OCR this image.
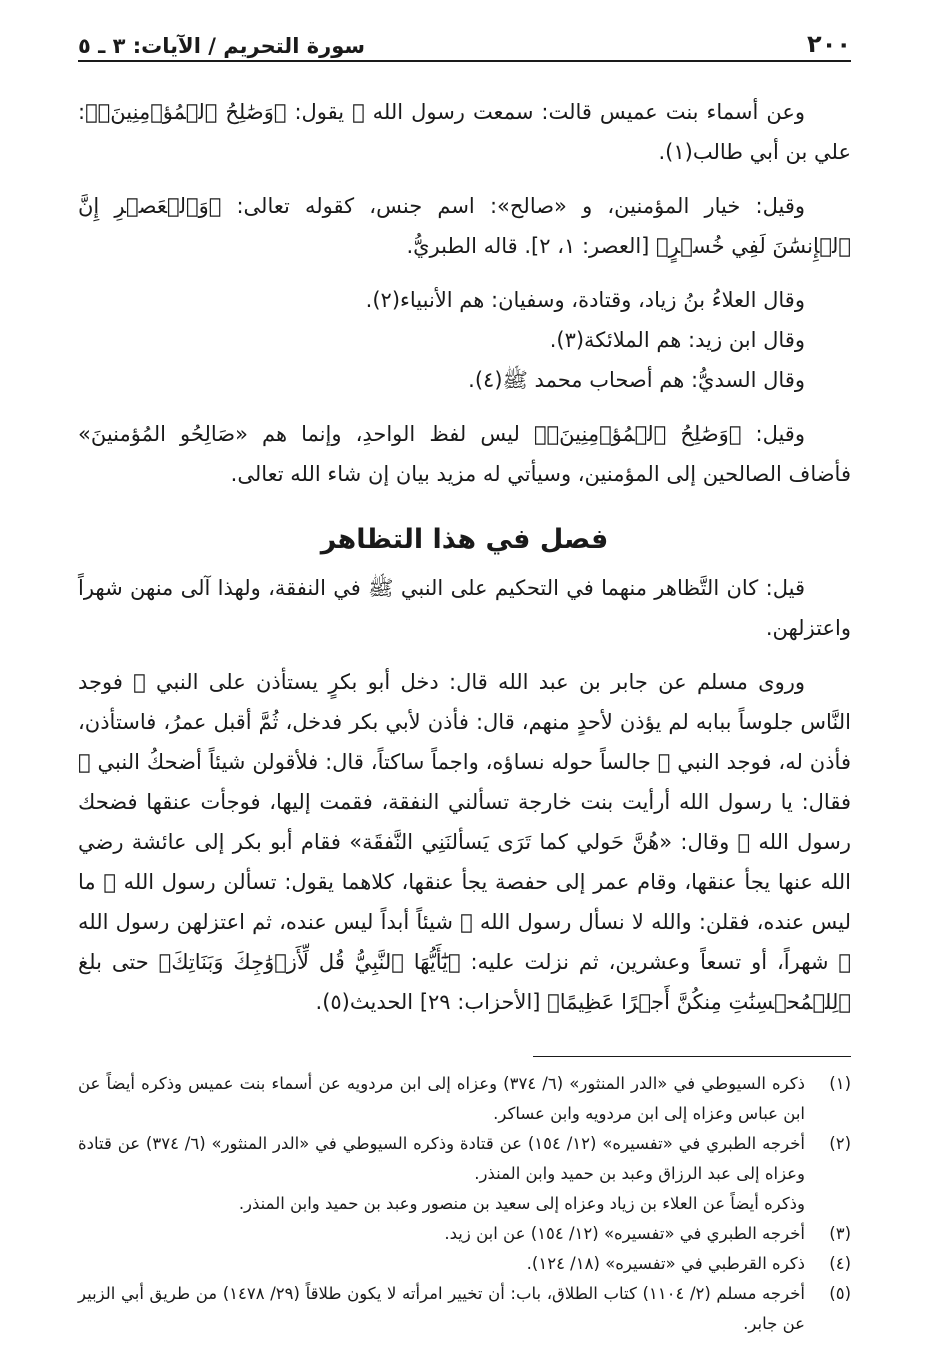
٢٠٠
سورة التحريم / الآيات: ٣ ـ ٥

وعن أسماء بنت عميس قالت: سمعت رسول الله ﷺ يقول: ﴿وَصَٰلِحُ ٱلۡمُؤۡمِنِينَۖ﴾: علي بن أبي طالب(١).

وقيل: خيار المؤمنين، و «صالح»: اسم جنس، كقوله تعالى: ﴿وَٱلۡعَصۡرِ إِنَّ ٱلۡإِنسَٰنَ لَفِي خُسۡرٍ﴾ [العصر: ١، ٢]. قاله الطبريُّ.

وقال العلاءُ بنُ زياد، وقتادة، وسفيان: هم الأنبياء(٢).

وقال ابن زيد: هم الملائكة(٣).

وقال السديُّ: هم أصحاب محمد ﷺ(٤).

وقيل: ﴿وَصَٰلِحُ ٱلۡمُؤۡمِنِينَۖ﴾ ليس لفظ الواحدِ، وإنما هم «صَالِحُو المُؤمنينَ» فأضاف الصالحين إلى المؤمنين، وسيأتي له مزيد بيان إن شاء الله تعالى.

فصل في هذا التظاهر

قيل: كان التَّظاهر منهما في التحكيم على النبي ﷺ في النفقة، ولهذا آلى منهن شهراً واعتزلهن.

وروى مسلم عن جابر بن عبد الله قال: دخل أبو بكرٍ يستأذن على النبي ﷺ فوجد النَّاس جلوساً ببابه لم يؤذن لأحدٍ منهم، قال: فأذن لأبي بكر فدخل، ثُمَّ أقبل عمرُ، فاستأذن، فأذن له، فوجد النبي ﷺ جالساً حوله نساؤه، واجماً ساكتاً، قال: فلأقولن شيئاً أضحكُ النبي ﷺ فقال: يا رسول الله أرأيت بنت خارجة تسألني النفقة، فقمت إليها، فوجأت عنقها فضحك رسول الله ﷺ وقال: «هُنَّ حَولي كما تَرَى يَسألنَنِي النَّفقَة» فقام أبو بكر إلى عائشة رضي الله عنها يجأ عنقها، وقام عمر إلى حفصة يجأ عنقها، كلاهما يقول: تسألن رسول الله ﷺ ما ليس عنده، فقلن: والله لا نسأل رسول الله ﷺ شيئاً أبداً ليس عنده، ثم اعتزلهن رسول الله ﷺ شهراً، أو تسعاً وعشرين، ثم نزلت عليه: ﴿يَٰٓأَيُّهَا ٱلنَّبِيُّ قُل لِّأَزۡوَٰجِكَ وَبَنَاتِكَ﴾ حتى بلغ ﴿لِلۡمُحۡسِنَٰتِ مِنكُنَّ أَجۡرًا عَظِيمًا﴾ [الأحزاب: ٢٩] الحديث(٥).

(١)
ذكره السيوطي في «الدر المنثور» (٦/ ٣٧٤) وعزاه إلى ابن مردويه عن أسماء بنت عميس وذكره أيضاً عن ابن عباس وعزاه إلى ابن مردويه وابن عساكر.
(٢)
أخرجه الطبري في «تفسيره» (١٢/ ١٥٤) عن قتادة وذكره السيوطي في «الدر المنثور» (٦/ ٣٧٤) عن قتادة وعزاه إلى عبد الرزاق وعبد بن حميد وابن المنذر.
وذكره أيضاً عن العلاء بن زياد وعزاه إلى سعيد بن منصور وعبد بن حميد وابن المنذر.
(٣)
أخرجه الطبري في «تفسيره» (١٢/ ١٥٤) عن ابن زيد.
(٤)
ذكره القرطبي في «تفسيره» (١٨/ ١٢٤).
(٥)
أخرجه مسلم (٢/ ١١٠٤) كتاب الطلاق، باب: أن تخيير امرأته لا يكون طلاقاً (٢٩/ ١٤٧٨) من طريق أبي الزبير عن جابر.
